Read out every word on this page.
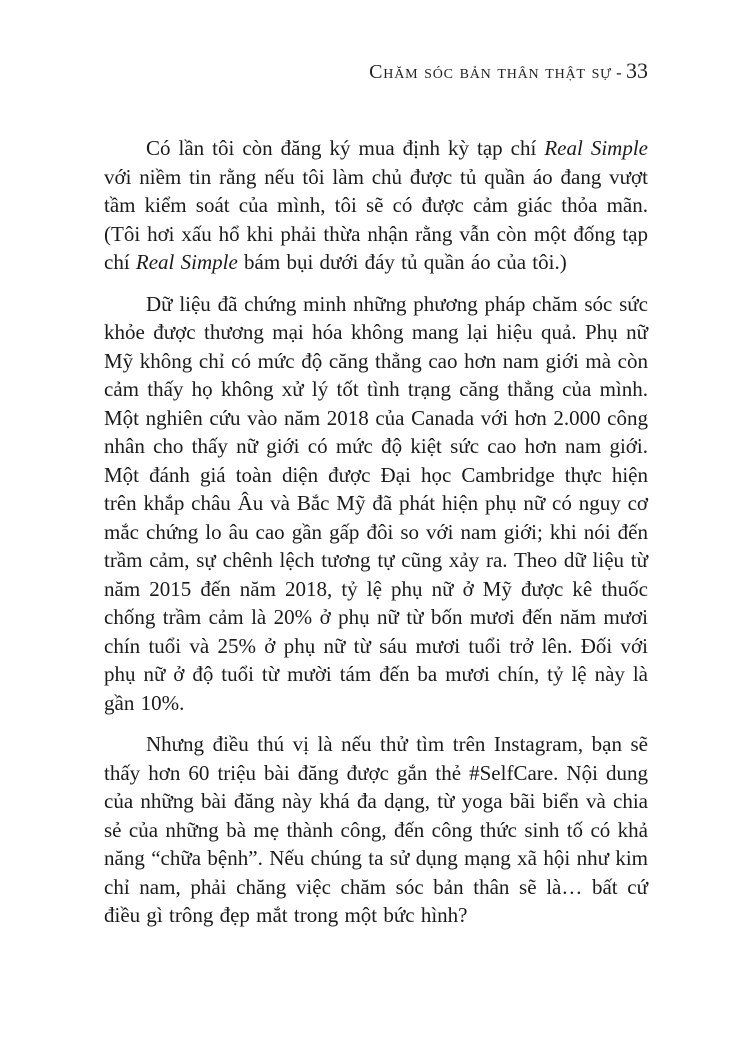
Chăm sóc bản thân thật sự - 33

Có lần tôi còn đăng ký mua định kỳ tạp chí Real Simple với niềm tin rằng nếu tôi làm chủ được tủ quần áo đang vượt tầm kiểm soát của mình, tôi sẽ có được cảm giác thỏa mãn. (Tôi hơi xấu hổ khi phải thừa nhận rằng vẫn còn một đống tạp chí Real Simple bám bụi dưới đáy tủ quần áo của tôi.)

Dữ liệu đã chứng minh những phương pháp chăm sóc sức khỏe được thương mại hóa không mang lại hiệu quả. Phụ nữ Mỹ không chỉ có mức độ căng thẳng cao hơn nam giới mà còn cảm thấy họ không xử lý tốt tình trạng căng thẳng của mình. Một nghiên cứu vào năm 2018 của Canada với hơn 2.000 công nhân cho thấy nữ giới có mức độ kiệt sức cao hơn nam giới. Một đánh giá toàn diện được Đại học Cambridge thực hiện trên khắp châu Âu và Bắc Mỹ đã phát hiện phụ nữ có nguy cơ mắc chứng lo âu cao gần gấp đôi so với nam giới; khi nói đến trầm cảm, sự chênh lệch tương tự cũng xảy ra. Theo dữ liệu từ năm 2015 đến năm 2018, tỷ lệ phụ nữ ở Mỹ được kê thuốc chống trầm cảm là 20% ở phụ nữ từ bốn mươi đến năm mươi chín tuổi và 25% ở phụ nữ từ sáu mươi tuổi trở lên. Đối với phụ nữ ở độ tuổi từ mười tám đến ba mươi chín, tỷ lệ này là gần 10%.

Nhưng điều thú vị là nếu thử tìm trên Instagram, bạn sẽ thấy hơn 60 triệu bài đăng được gắn thẻ #SelfCare. Nội dung của những bài đăng này khá đa dạng, từ yoga bãi biển và chia sẻ của những bà mẹ thành công, đến công thức sinh tố có khả năng “chữa bệnh”. Nếu chúng ta sử dụng mạng xã hội như kim chỉ nam, phải chăng việc chăm sóc bản thân sẽ là… bất cứ điều gì trông đẹp mắt trong một bức hình?
